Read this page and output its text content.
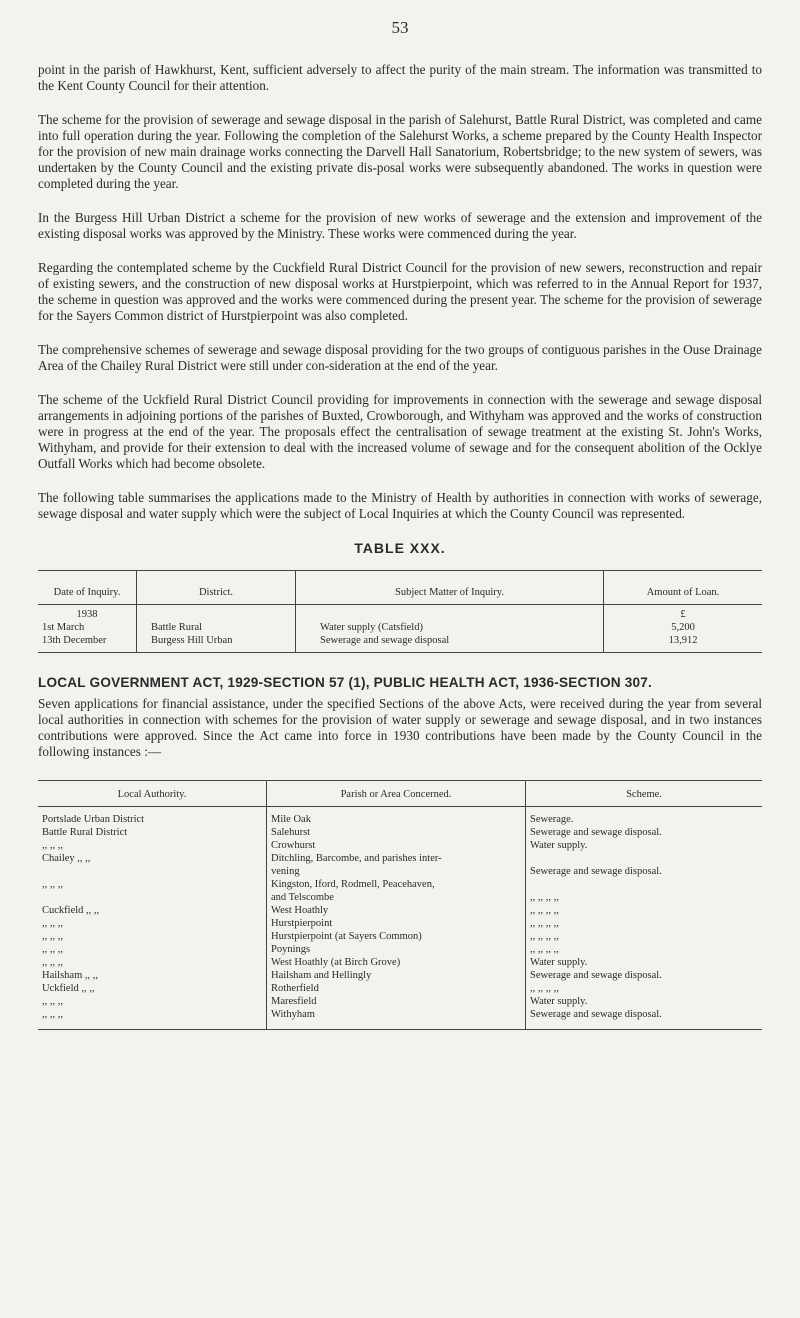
53

point in the parish of Hawkhurst, Kent, sufficient adversely to affect the purity of the main stream. The information was transmitted to the Kent County Council for their attention.

The scheme for the provision of sewerage and sewage disposal in the parish of Salehurst, Battle Rural District, was completed and came into full operation during the year. Following the completion of the Salehurst Works, a scheme prepared by the County Health Inspector for the provision of new main drainage works connecting the Darvell Hall Sanatorium, Robertsbridge; to the new system of sewers, was undertaken by the County Council and the existing private dis-posal works were subsequently abandoned. The works in question were completed during the year.

In the Burgess Hill Urban District a scheme for the provision of new works of sewerage and the extension and improvement of the existing disposal works was approved by the Ministry. These works were commenced during the year.

Regarding the contemplated scheme by the Cuckfield Rural District Council for the provision of new sewers, reconstruction and repair of existing sewers, and the construction of new disposal works at Hurstpierpoint, which was referred to in the Annual Report for 1937, the scheme in question was approved and the works were commenced during the present year. The scheme for the provision of sewerage for the Sayers Common district of Hurstpierpoint was also completed.

The comprehensive schemes of sewerage and sewage disposal providing for the two groups of contiguous parishes in the Ouse Drainage Area of the Chailey Rural District were still under con-sideration at the end of the year.

The scheme of the Uckfield Rural District Council providing for improvements in connection with the sewerage and sewage disposal arrangements in adjoining portions of the parishes of Buxted, Crowborough, and Withyham was approved and the works of construction were in progress at the end of the year. The proposals effect the centralisation of sewage treatment at the existing St. John's Works, Withyham, and provide for their extension to deal with the increased volume of sewage and for the consequent abolition of the Ocklye Outfall Works which had become obsolete.

The following table summarises the applications made to the Ministry of Health by authorities in connection with works of sewerage, sewage disposal and water supply which were the subject of Local Inquiries at which the County Council was represented.

TABLE XXX.
Date of Inquiry.	District.	Subject Matter of Inquiry.	Amount of Loan.
1938			£
1st March	Battle Rural	Water supply (Catsfield)	5,200
13th December	Burgess Hill Urban	Sewerage and sewage disposal	13,912
LOCAL GOVERNMENT ACT, 1929-SECTION 57 (1), PUBLIC HEALTH ACT, 1936-SECTION 307.

Seven applications for financial assistance, under the specified Sections of the above Acts, were received during the year from several local authorities in connection with schemes for the provision of water supply or sewerage and sewage disposal, and in two instances contributions were approved. Since the Act came into force in 1930 contributions have been made by the County Council in the following instances :—

Local Authority.	Parish or Area Concerned.	Scheme.
Portslade Urban District	Mile Oak	Sewerage.
Battle Rural District	Salehurst	Sewerage and sewage disposal.
,, ,, ,,	Crowhurst	Water supply.
Chailey ,, ,,	Ditchling, Barcombe, and parishes inter-	
	vening	Sewerage and sewage disposal.
,, ,, ,,	Kingston, Iford, Rodmell, Peacehaven,	
	and Telscombe	,, ,, ,, ,,
Cuckfield ,, ,,	West Hoathly	,, ,, ,, ,,
,, ,, ,,	Hurstpierpoint	,, ,, ,, ,,
,, ,, ,,	Hurstpierpoint (at Sayers Common)	,, ,, ,, ,,
,, ,, ,,	Poynings	,, ,, ,, ,,
,, ,, ,,	West Hoathly (at Birch Grove)	Water supply.
Hailsham ,, ,,	Hailsham and Hellingly	Sewerage and sewage disposal.
Uckfield ,, ,,	Rotherfield	,, ,, ,, ,,
,, ,, ,,	Maresfield	Water supply.
,, ,, ,,	Withyham	Sewerage and sewage disposal.
